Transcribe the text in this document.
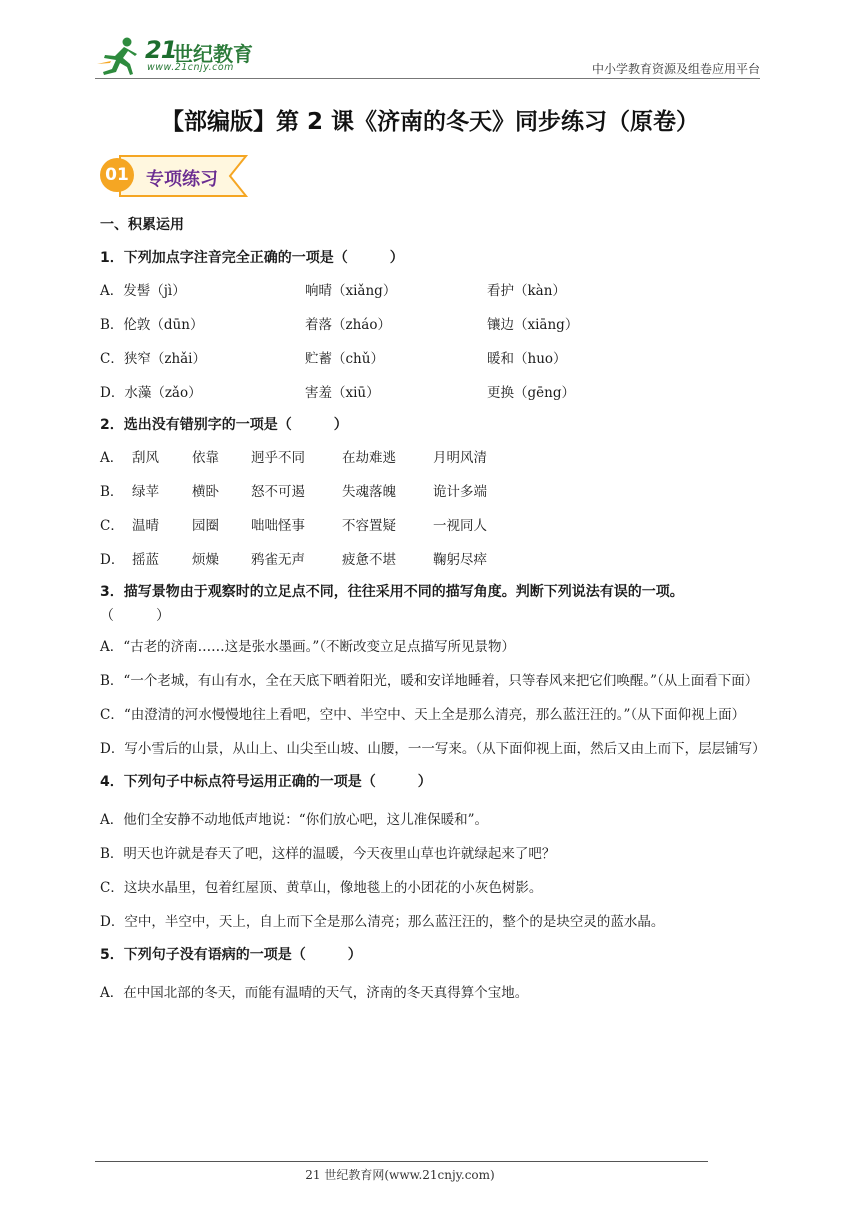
21
世纪教育
www.21cnjy.com	中小学教育资源及组卷应用平台
【部编版】第 2 课《济南的冬天》同步练习（原卷）
01 专项练习
一、积累运用
1．下列加点字注音完全正确的一项是（　　　）
A．发髻（jì）	响晴（xiǎng）	看护（kàn）
B．伦敦（dūn）	着落（zháo）	镶边（xiāng）
C．狭窄（zhǎi）	贮蓄（chǔ）	暖和（huo）
D．水藻（zǎo）	害羞（xiū）	更换（gēng）
2．选出没有错别字的一项是（　　　）
A． 刮风	依靠	迥乎不同	在劫难逃	月明风清
B． 绿苹	横卧	怒不可遏	失魂落魄	诡计多端
C． 温晴	园圈	咄咄怪事	不容置疑	一视同人
D． 摇蓝	烦燥	鸦雀无声	疲惫不堪	鞠躬尽瘁
3．描写景物由于观察时的立足点不同，往往采用不同的描写角度。判断下列说法有误的一项。
（　　　）

A．“古老的济南……这是张水墨画。”（不断改变立足点描写所见景物）

B．“一个老城，有山有水，全在天底下晒着阳光，暖和安详地睡着，只等春风来把它们唤醒。”（从上面看下面）

C．“由澄清的河水慢慢地往上看吧，空中、半空中、天上全是那么清亮，那么蓝汪汪的。”（从下面仰视上面）

D．写小雪后的山景，从山上、山尖至山坡、山腰，一一写来。（从下面仰视上面，然后又由上而下，层层铺写）

4．下列句子中标点符号运用正确的一项是（　　　）

A．他们全安静不动地低声地说：“你们放心吧，这儿准保暖和”。

B．明天也许就是春天了吧，这样的温暖，今天夜里山草也许就绿起来了吧？

C．这块水晶里，包着红屋顶、黄草山，像地毯上的小团花的小灰色树影。

D．空中，半空中，天上，自上而下全是那么清亮；那么蓝汪汪的，整个的是块空灵的蓝水晶。

5．下列句子没有语病的一项是（　　　）

A．在中国北部的冬天，而能有温晴的天气，济南的冬天真得算个宝地。

21 世纪教育网(www.21cnjy.com)
